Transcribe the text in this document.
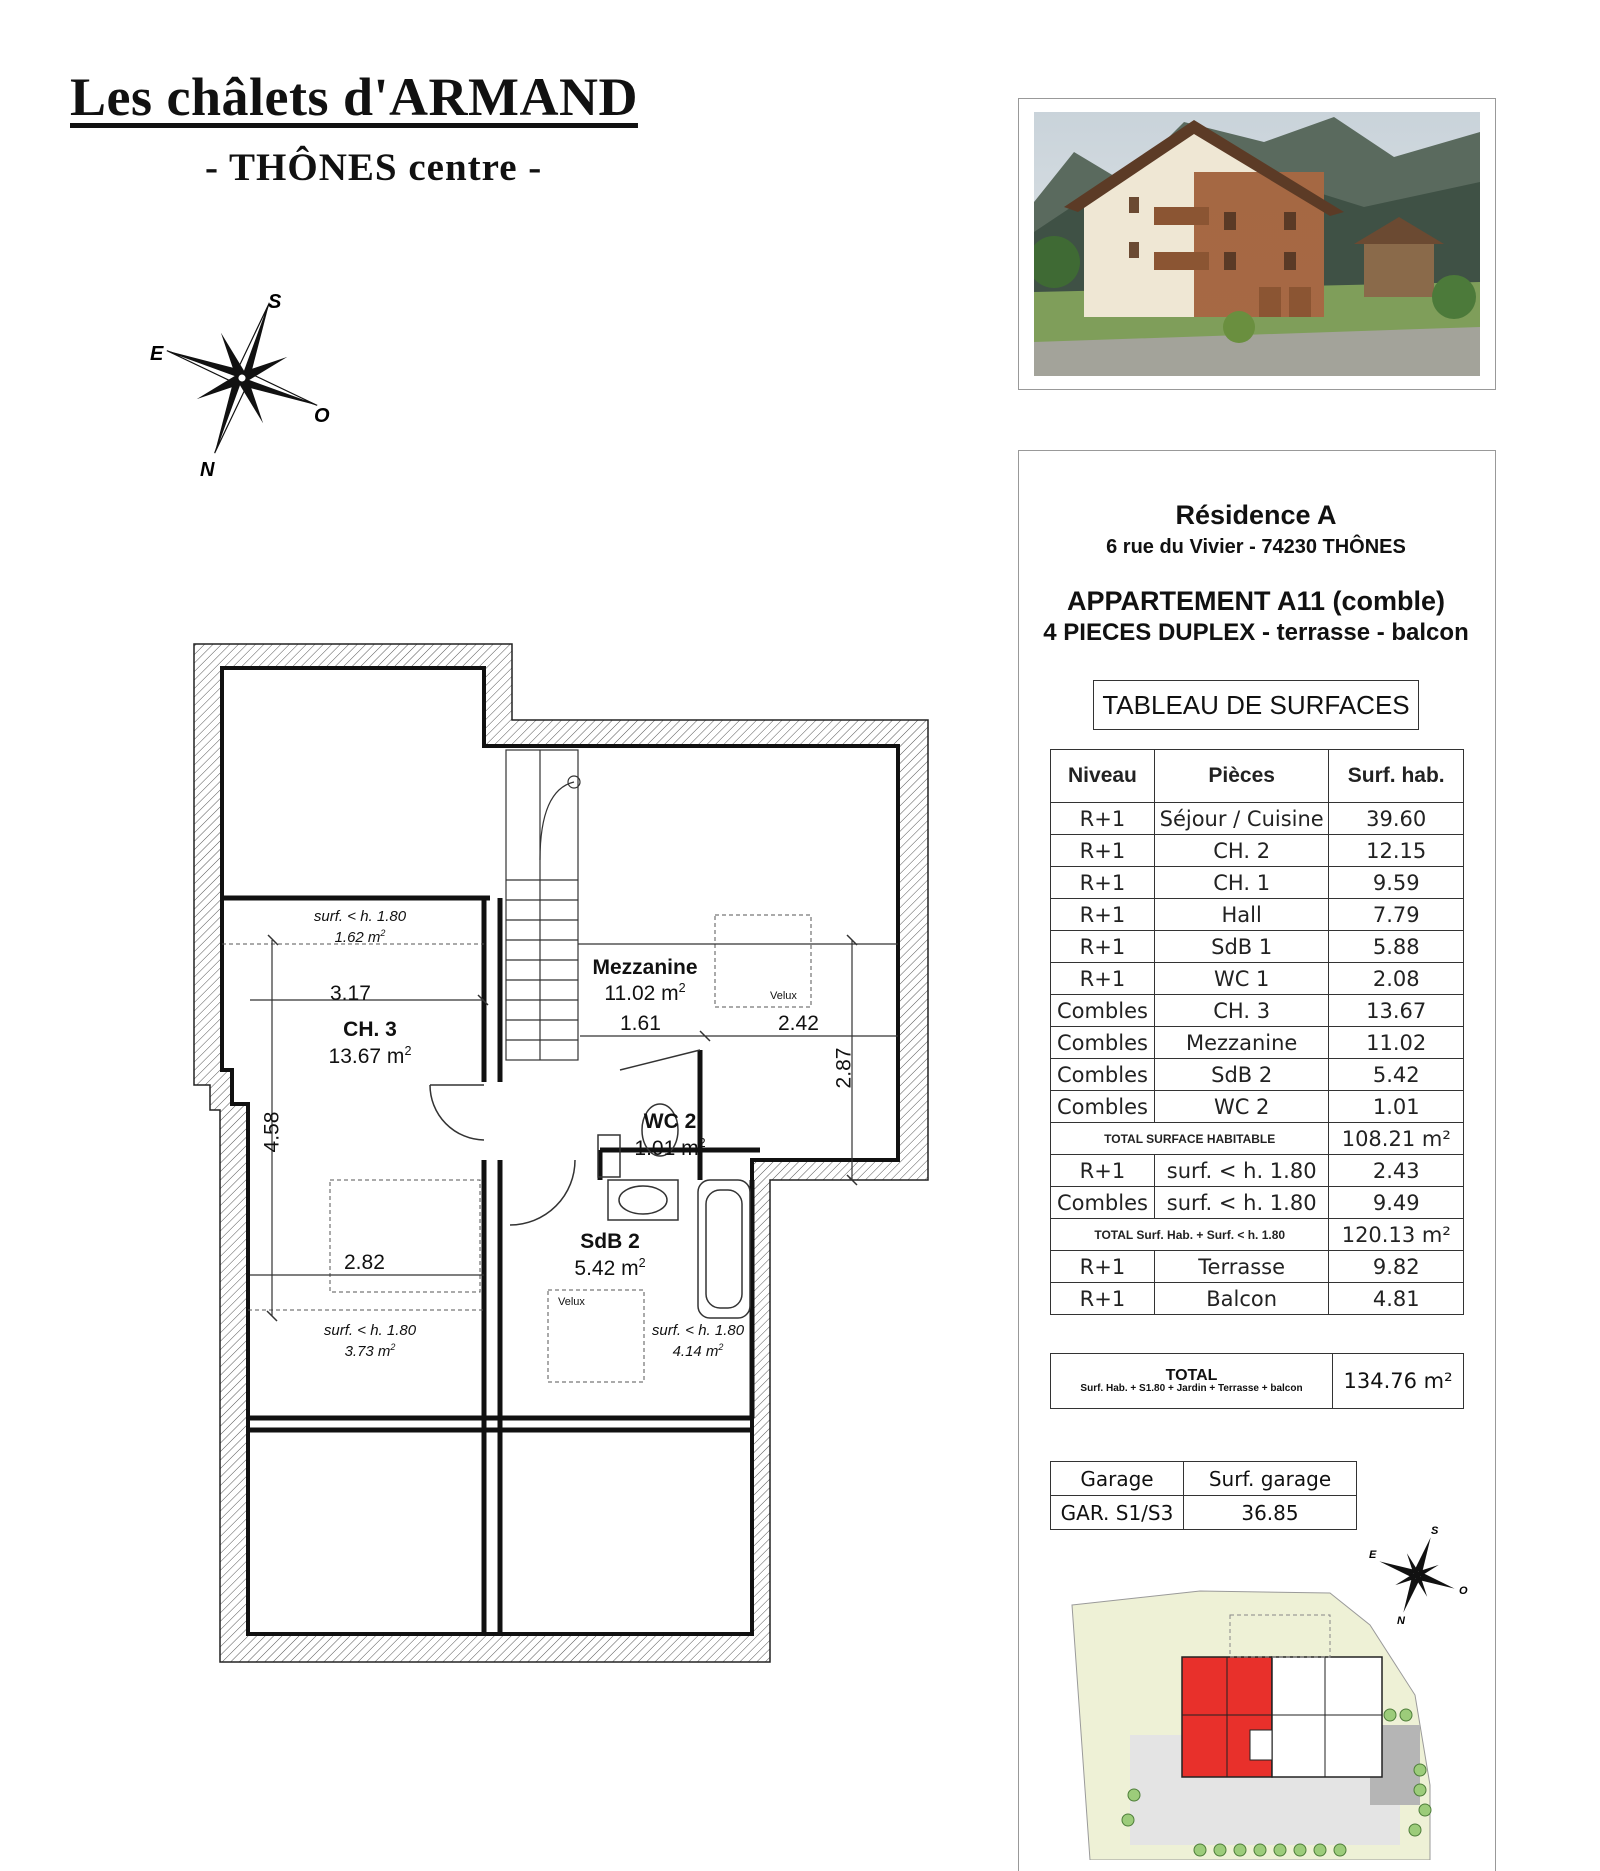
Les châlets d'ARMAND
- THÔNES centre -
S
E
O
N
Résidence A
6 rue du Vivier - 74230 THÔNES
APPARTEMENT A11 (comble)
4 PIECES DUPLEX - terrasse - balcon
TABLEAU DE SURFACES
Niveau	Pièces	Surf. hab.
R+1	Séjour / Cuisine	39.60
R+1	CH. 2	12.15
R+1	CH. 1	9.59
R+1	Hall	7.79
R+1	SdB 1	5.88
R+1	WC 1	2.08
Combles	CH. 3	13.67
Combles	Mezzanine	11.02
Combles	SdB 2	5.42
Combles	WC 2	1.01
TOTAL SURFACE HABITABLE		108.21 m²
R+1	surf. < h. 1.80	2.43
Combles	surf. < h. 1.80	9.49
TOTAL Surf. Hab. + Surf. < h. 1.80		120.13 m²
R+1	Terrasse	9.82
R+1	Balcon	4.81
TOTAL
Surf. Hab. + S1.80 + Jardin + Terrasse + balcon	134.76 m²
Garage	Surf. garage
GAR. S1/S3	36.85
S
E
O
N
CH. 3
13.67 $m^2$
Mezzanine
11.02 $m^2$
WC 2
1.01 $m^2$
SdB 2
5.42 $m^2$
surf. < h. 1.80
1.62 $m^2$
surf. < h. 1.80
3.73 $m^2$
surf. < h. 1.80
4.14 $m^2$
Velux
Velux
3.17
1.61	2.42
2.87
4.58
2.82
